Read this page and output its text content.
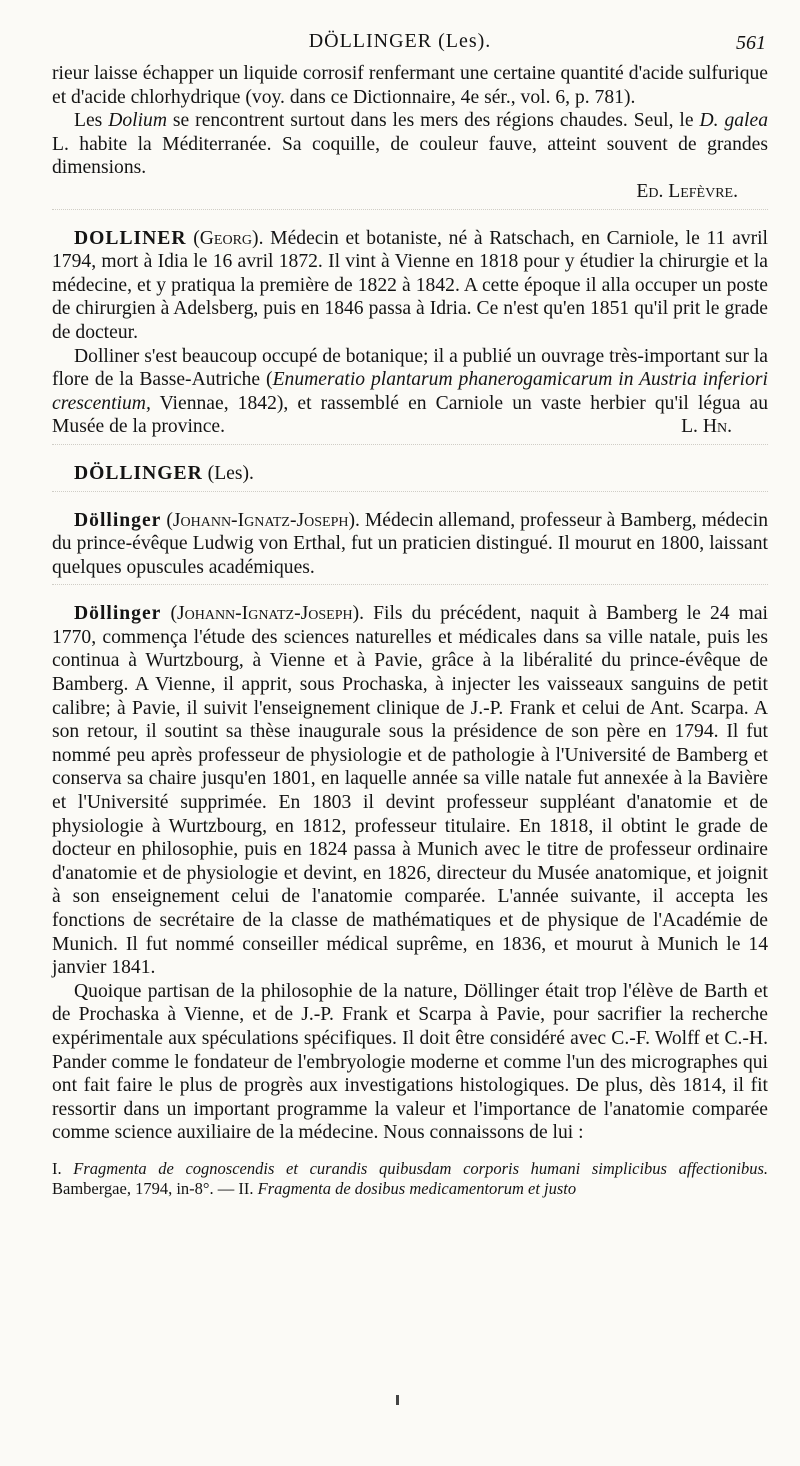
DÖLLINGER (Les).	561

rieur laisse échapper un liquide corrosif renfermant une certaine quantité d'acide sulfurique et d'acide chlorhydrique (voy. dans ce Dictionnaire, 4e sér., vol. 6, p. 781).

Les Dolium se rencontrent surtout dans les mers des régions chaudes. Seul, le D. galea L. habite la Méditerranée. Sa coquille, de couleur fauve, atteint souvent de grandes dimensions.

Ed. Lefèvre.

DOLLINER (Georg). Médecin et botaniste, né à Ratschach, en Carniole, le 11 avril 1794, mort à Idia le 16 avril 1872. Il vint à Vienne en 1818 pour y étudier la chirurgie et la médecine, et y pratiqua la première de 1822 à 1842. A cette époque il alla occuper un poste de chirurgien à Adelsberg, puis en 1846 passa à Idria. Ce n'est qu'en 1851 qu'il prit le grade de docteur.

Dolliner s'est beaucoup occupé de botanique; il a publié un ouvrage très-important sur la flore de la Basse-Autriche (Enumeratio plantarum phanerogamicarum in Austria inferiori crescentium, Viennae, 1842), et rassemblé en Carniole un vaste herbier qu'il légua au Musée de la province.	L. Hn.

DÖLLINGER (Les).

Döllinger (Johann-Ignatz-Joseph). Médecin allemand, professeur à Bamberg, médecin du prince-évêque Ludwig von Erthal, fut un praticien distingué. Il mourut en 1800, laissant quelques opuscules académiques.

Döllinger (Johann-Ignatz-Joseph). Fils du précédent, naquit à Bamberg le 24 mai 1770, commença l'étude des sciences naturelles et médicales dans sa ville natale, puis les continua à Wurtzbourg, à Vienne et à Pavie, grâce à la libéralité du prince-évêque de Bamberg. A Vienne, il apprit, sous Prochaska, à injecter les vaisseaux sanguins de petit calibre; à Pavie, il suivit l'enseignement clinique de J.-P. Frank et celui de Ant. Scarpa. A son retour, il soutint sa thèse inaugurale sous la présidence de son père en 1794. Il fut nommé peu après professeur de physiologie et de pathologie à l'Université de Bamberg et conserva sa chaire jusqu'en 1801, en laquelle année sa ville natale fut annexée à la Bavière et l'Université supprimée. En 1803 il devint professeur suppléant d'anatomie et de physiologie à Wurtzbourg, en 1812, professeur titulaire. En 1818, il obtint le grade de docteur en philosophie, puis en 1824 passa à Munich avec le titre de professeur ordinaire d'anatomie et de physiologie et devint, en 1826, directeur du Musée anatomique, et joignit à son enseignement celui de l'anatomie comparée. L'année suivante, il accepta les fonctions de secrétaire de la classe de mathématiques et de physique de l'Académie de Munich. Il fut nommé conseiller médical suprême, en 1836, et mourut à Munich le 14 janvier 1841.

Quoique partisan de la philosophie de la nature, Döllinger était trop l'élève de Barth et de Prochaska à Vienne, et de J.-P. Frank et Scarpa à Pavie, pour sacrifier la recherche expérimentale aux spéculations spécifiques. Il doit être considéré avec C.-F. Wolff et C.-H. Pander comme le fondateur de l'embryologie moderne et comme l'un des micrographes qui ont fait faire le plus de progrès aux investigations histologiques. De plus, dès 1814, il fit ressortir dans un important programme la valeur et l'importance de l'anatomie comparée comme science auxiliaire de la médecine. Nous connaissons de lui :

I. Fragmenta de cognoscendis et curandis quibusdam corporis humani simplicibus affectionibus. Bambergae, 1794, in-8°. — II. Fragmenta de dosibus medicamentorum et justo
